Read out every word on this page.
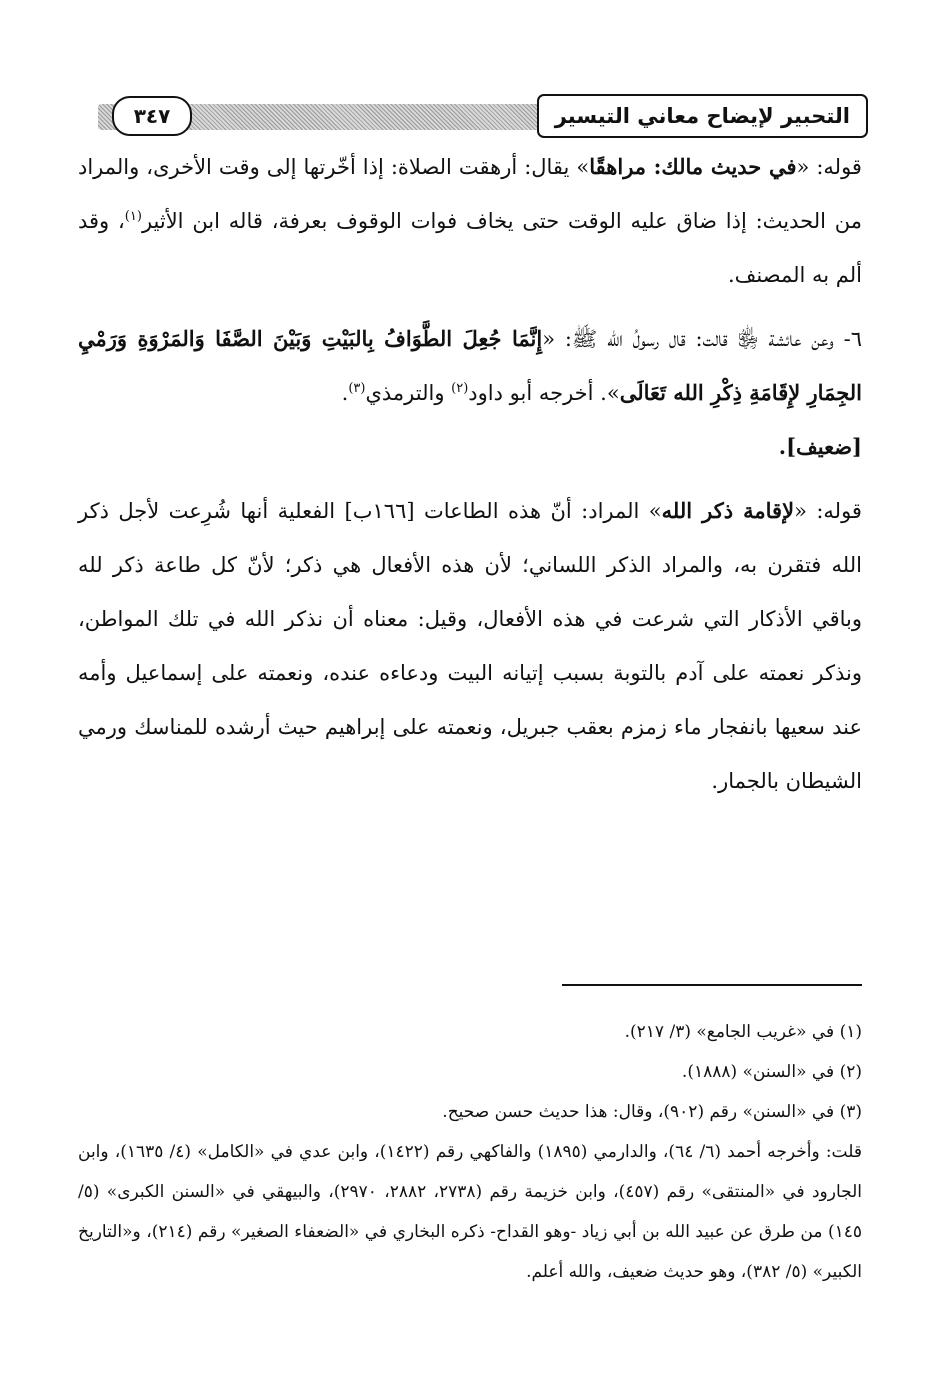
٣٤٧	التحبير لإيضاح معاني التيسير

قوله: «في حديث مالك: مراهقًا» يقال: أرهقت الصلاة: إذا أخّرتها إلى وقت الأخرى، والمراد من الحديث: إذا ضاق عليه الوقت حتى يخاف فوات الوقوف بعرفة، قاله ابن الأثير$^{(١)}$، وقد ألم به المصنف.

٦- وعن عائشة ﵂ قالت: قال رسولُ الله ﷺ: «إِنَّمَا جُعِلَ الطَّوَافُ بِالبَيْتِ وَبَيْنَ الصَّفَا وَالمَرْوَةِ وَرَمْيِ الجِمَارِ لإِقَامَةِ ذِكْرِ الله تَعَالَى». أخرجه أبو داود$^{(٢)}$ والترمذي$^{(٣)}$.
[ضعيف].

قوله: «لإقامة ذكر الله» المراد: أنّ هذه الطاعات [١٦٦ب] الفعلية أنها شُرِعت لأجل ذكر الله فتقرن به، والمراد الذكر اللساني؛ لأن هذه الأفعال هي ذكر؛ لأنّ كل طاعة ذكر لله وباقي الأذكار التي شرعت في هذه الأفعال، وقيل: معناه أن نذكر الله في تلك المواطن، ونذكر نعمته على آدم بالتوبة بسبب إتيانه البيت ودعاءه عنده، ونعمته على إسماعيل وأمه عند سعيها بانفجار ماء زمزم بعقب جبريل، ونعمته على إبراهيم حيث أرشده للمناسك ورمي الشيطان بالجمار.

(١) في «غريب الجامع» (٣/ ٢١٧).

(٢) في «السنن» (١٨٨٨).

(٣) في «السنن» رقم (٩٠٢)، وقال: هذا حديث حسن صحيح.

قلت: وأخرجه أحمد (٦/ ٦٤)، والدارمي (١٨٩٥) والفاكهي رقم (١٤٢٢)، وابن عدي في «الكامل» (٤/ ١٦٣٥)، وابن الجارود في «المنتقى» رقم (٤٥٧)، وابن خزيمة رقم (٢٧٣٨، ٢٨٨٢، ٢٩٧٠)، والبيهقي في «السنن الكبرى» (٥/ ١٤٥) من طرق عن عبيد الله بن أبي زياد -وهو القداح- ذكره البخاري في «الضعفاء الصغير» رقم (٢١٤)، و«التاريخ الكبير» (٥/ ٣٨٢)، وهو حديث ضعيف، والله أعلم.
